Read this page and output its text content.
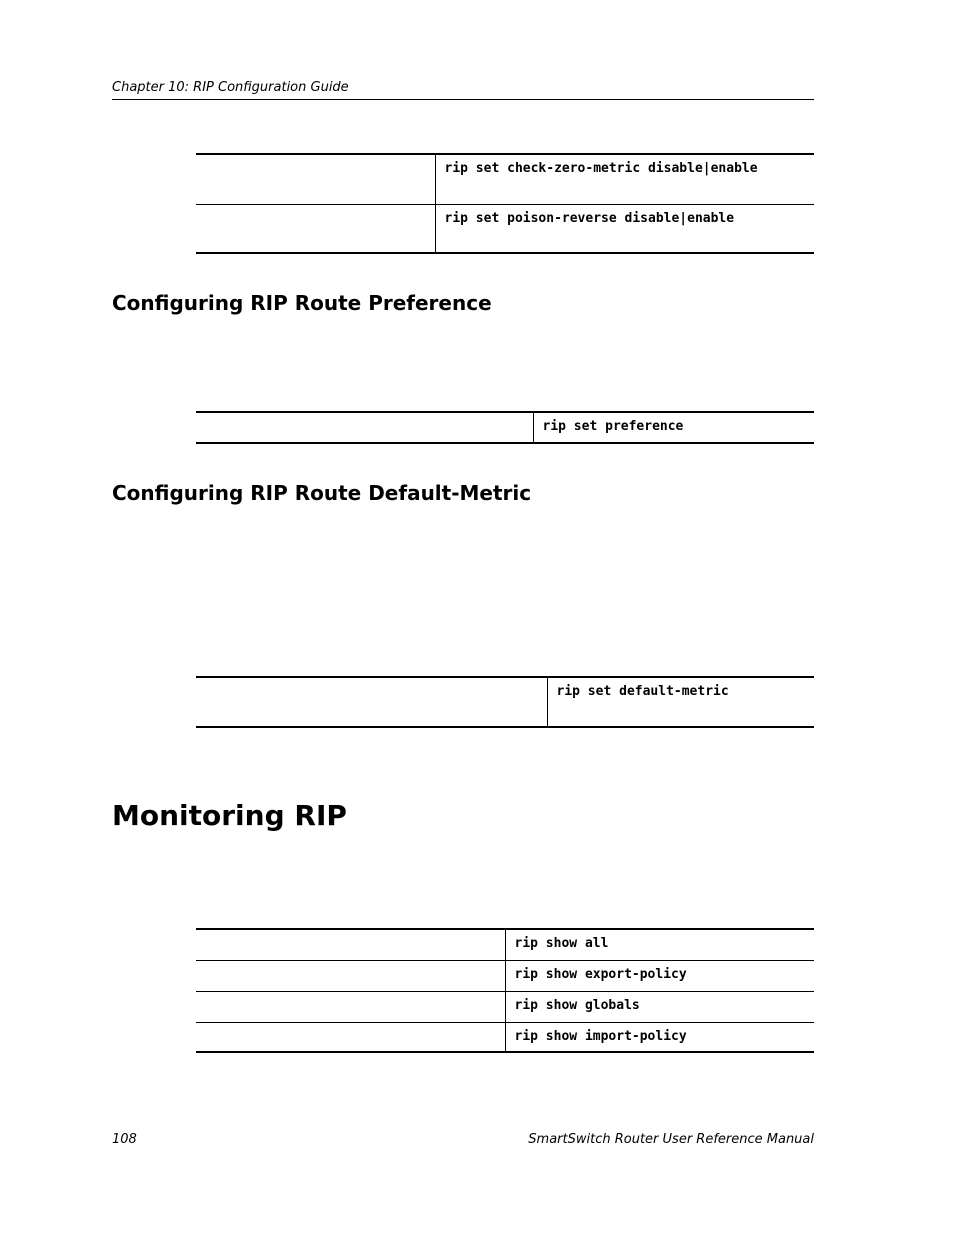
Chapter 10: RIP Configuration Guide
	rip set check-zero-metric disable|enable
	rip set poison-reverse disable|enable
Configuring RIP Route Preference
	rip set preference
Configuring RIP Route Default-Metric
	rip set default-metric
Monitoring RIP
	rip show all
	rip show export-policy
	rip show globals
	rip show import-policy
108	SmartSwitch Router User Reference Manual
